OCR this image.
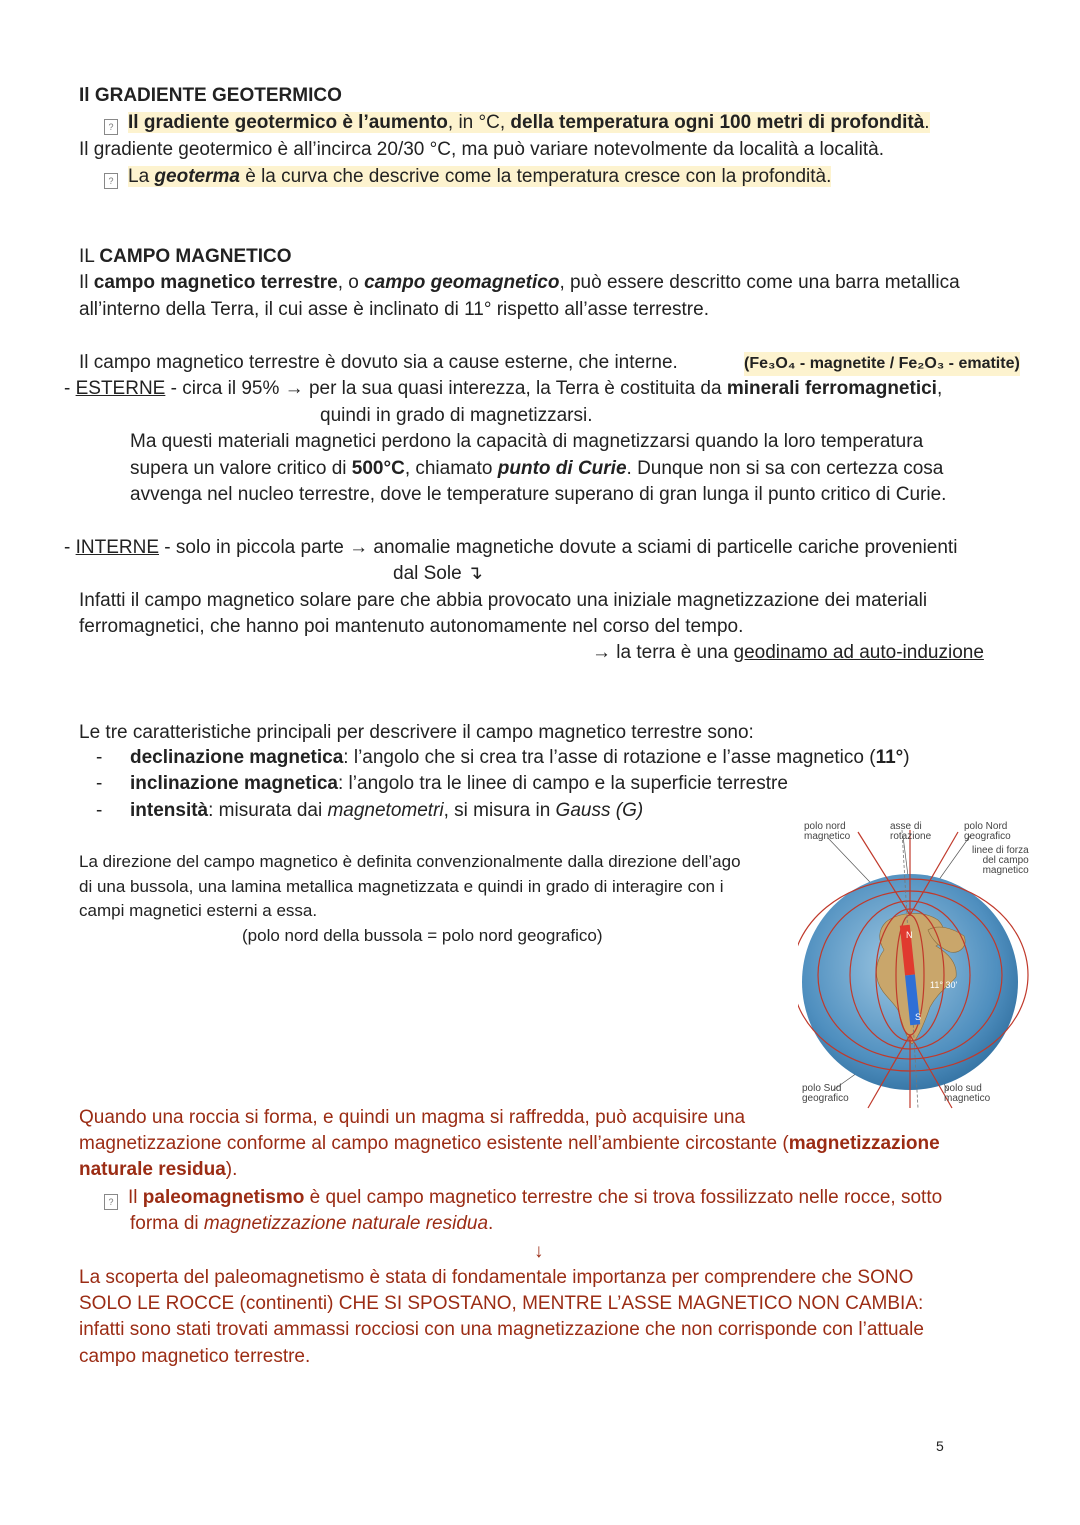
Il GRADIENTE GEOTERMICO
? Il gradiente geotermico è l’aumento, in °C, della temperatura ogni 100 metri di profondità.
Il gradiente geotermico è all’incirca 20/30 °C, ma può variare notevolmente da località a località.
? La geoterma è la curva che descrive come la temperatura cresce con la profondità.
IL CAMPO MAGNETICO
Il campo magnetico terrestre, o campo geomagnetico, può essere descritto come una barra metallica
all’interno della Terra, il cui asse è inclinato di 11° rispetto all’asse terrestre.
Il campo magnetico terrestre è dovuto sia a cause esterne, che interne.	(Fe₃O₄ - magnetite / Fe₂O₃ - ematite)
- ESTERNE - circa il 95% → per la sua quasi interezza, la Terra è costituita da minerali ferromagnetici,
quindi in grado di magnetizzarsi.
Ma questi materiali magnetici perdono la capacità di magnetizzarsi quando la loro temperatura
supera un valore critico di 500°C, chiamato punto di Curie. Dunque non si sa con certezza cosa
avvenga nel nucleo terrestre, dove le temperature superano di gran lunga il punto critico di Curie.
- INTERNE - solo in piccola parte → anomalie magnetiche dovute a sciami di particelle cariche provenienti
dal Sole ↴
Infatti il campo magnetico solare pare che abbia provocato una iniziale magnetizzazione dei materiali
ferromagnetici, che hanno poi mantenuto autonomamente nel corso del tempo.
→ la terra è una geodinamo ad auto-induzione
Le tre caratteristiche principali per descrivere il campo magnetico terrestre sono:
- declinazione magnetica: l’angolo che si crea tra l’asse di rotazione e l’asse magnetico (11°)
- inclinazione magnetica: l’angolo tra le linee di campo e la superficie terrestre
- intensità: misurata dai magnetometri, si misura in Gauss (G)
La direzione del campo magnetico è definita convenzionalmente dalla direzione dell’ago
di una bussola, una lamina metallica magnetizzata e quindi in grado di interagire con i
campi magnetici esterni a essa.
(polo nord della bussola = polo nord geografico)	N
S
11° 30'
polo nord
magnetico
asse di
rotazione
polo Nord
geografico
linee di forza
del campo
magnetico
polo Sud
geografico
polo sud
magnetico
Quando una roccia si forma, e quindi un magma si raffredda, può acquisire una
magnetizzazione conforme al campo magnetico esistente nell’ambiente circostante (magnetizzazione
naturale residua).
? Il paleomagnetismo è quel campo magnetico terrestre che si trova fossilizzato nelle rocce, sotto
forma di magnetizzazione naturale residua.
↓
La scoperta del paleomagnetismo è stata di fondamentale importanza per comprendere che SONO
SOLO LE ROCCE (continenti) CHE SI SPOSTANO, MENTRE L’ASSE MAGNETICO NON CAMBIA:
infatti sono stati trovati ammassi rocciosi con una magnetizzazione che non corrisponde con l’attuale
campo magnetico terrestre.
5
